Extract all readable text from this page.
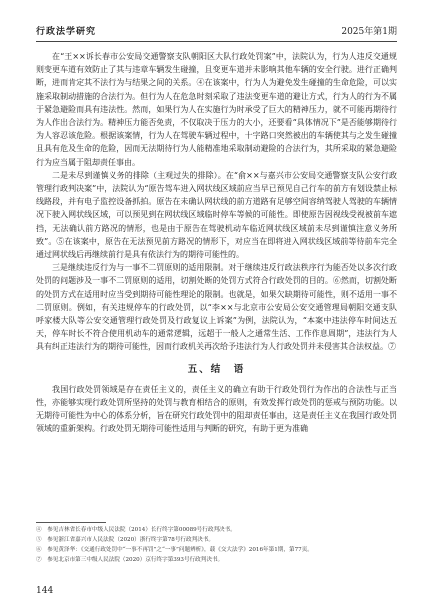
行政法学研究	2025年第1期

在“王××诉长春市公安局交通警察支队朝阳区大队行政处罚案”中，法院认为，行为人违反交通规则变更车道有效防止了其与违章车辆发生碰撞，且变更车道并未影响其他车辆的安全行驶。进行正确判断，进而肯定其不法行为与结果之间的关系。④在该案中，行为人为避免发生碰撞的生命危险，可以实施采取制动措施的合法行为。但行为人在危急时刻采取了违法变更车道的避让方式，行为人的行为不属于紧急避险而具有违法性。然而，如果行为人在实施行为时承受了巨大的精神压力，就不可能再期待行为人作出合法行为。精神压力能否免责，不仅取决于压力的大小，还要看“具体情况下”是否能够期待行为人容忍该危险。根据该案情，行为人在驾驶车辆过程中，十字路口突然被出的车辆使其与之发生碰撞且具有危及生命的危险，因而无法期待行为人能精准地采取制动避险的合法行为，其所采取的紧急避险行为应当属于阻却责任事由。

二是未尽到谨慎义务的排除（主观过失的排除）。在“俞××与嘉兴市公安局交通警察支队公安行政管理行政判决案”中，法院认为“原告驾车进入网状线区域前应当早已预见自己行车的前方有划设禁止标线路段，并有电子监控设备抓拍。原告在未确认网状线的前方道路有足够空间容纳驾驶人驾驶的车辆情况下驶入网状线区域，可以预见到在网状线区域临时停车等候的可能性。即使原告因视线受视被前车遮挡，无法确认前方路况的情形，也是由于原告在驾驶机动车临近网状线区域前未尽到谨慎注意义务所致”。⑤在该案中，原告在无法预见前方路况的情形下，对应当在即将进入网状线区域前等待前车完全通过网状线后再继续前行是具有依法行为的期待可能性的。

三是继续违反行为与一事不二罚原则的适用限制。对于继续违反行政法秩序行为能否处以多次行政处罚的问题涉及一事不二罚原则的适用，切割处断的处罚方式符合行政处罚的目的。⑥然而，切割处断的处罚方式在适用时应当受到期待可能性理论的限制。也就是，如果欠缺期待可能性，则不适用一事不二罚原则。例如，有关违规停车的行政处罚，以“李××与北京市公安局公安交通管理局朝阳交通支队呼家楼大队等公安交通管理行政处罚及行政复议上诉案”为例，法院认为，“本案中违法停车时间达五天，停车时长不符合使用机动车的通常逻辑，远超于一般人之通常生活、工作作息周期”，违法行为人具有纠正违法行为的期待可能性，因而行政机关再次给予违法行为人行政处罚并未侵害其合法权益。⑦

五、结　语

我国行政处罚领域是存在责任主义的，责任主义的确立有助于行政处罚行为作出的合法性与正当性，亦能够实现行政处罚所坚持的处罚与教育相结合的原则，有效发挥行政处罚的惩戒与预防功能。以无期待可能性为中心的体系分析，旨在研究行政处罚中的阻却责任事由，这是责任主义在我国行政处罚领域的重新架构。行政处罚无期待可能性适用与判断的研究，有助于更为准确

④　参见吉林省长春市中级人民法院（2014）长行终字第00089号行政判决书。

⑤　参见浙江省嘉兴市人民法院（2020）浙行终字第78号行政判决书。

⑥　参见黄泽华：《交通行政处罚中“一事不再罚”之“一事”问题辨析》，载《交大法学》2016年第1期，第77页。

⑦　参见北京市第三中级人民法院（2020）京行终字第393号行政判决书。

144
